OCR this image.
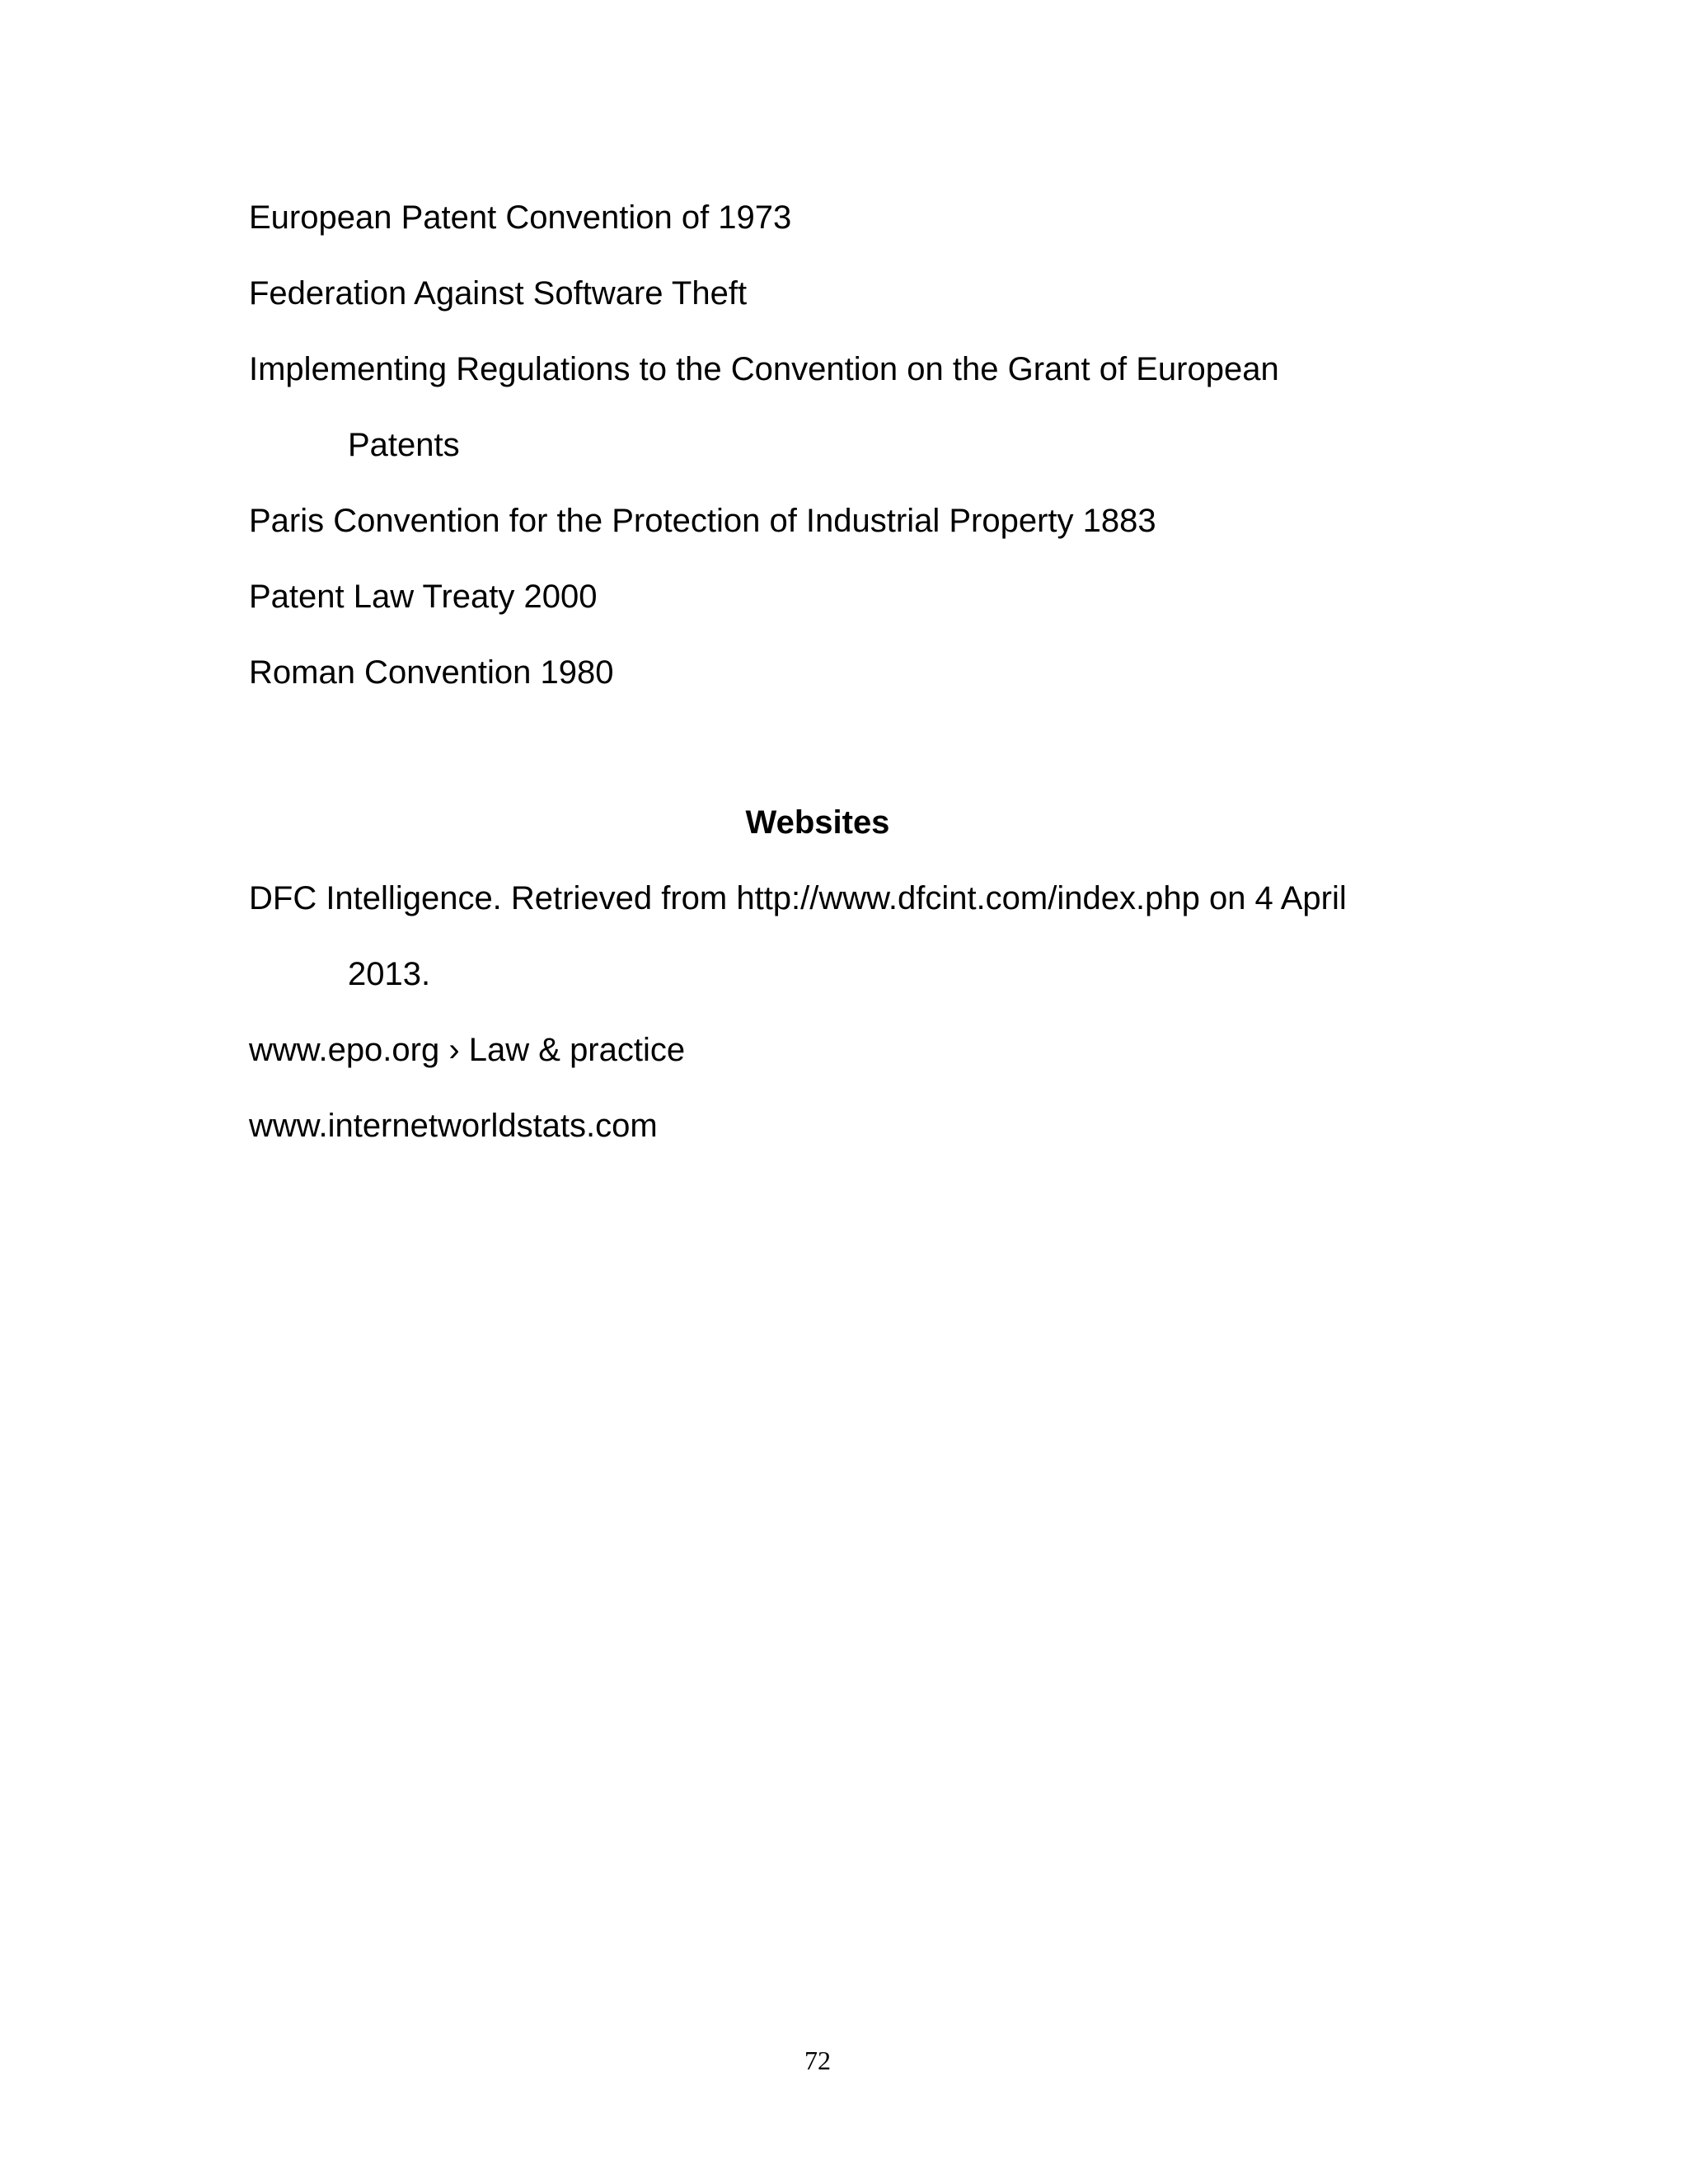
European Patent Convention of 1973
Federation Against Software Theft
Implementing Regulations to the Convention on the Grant of European
Patents
Paris Convention for the Protection of Industrial Property 1883
Patent Law Treaty 2000
Roman Convention 1980
Websites
DFC Intelligence. Retrieved from http://www.dfcint.com/index.php on 4 April
2013.
www.epo.org › Law & practice
www.internetworldstats.com
72
